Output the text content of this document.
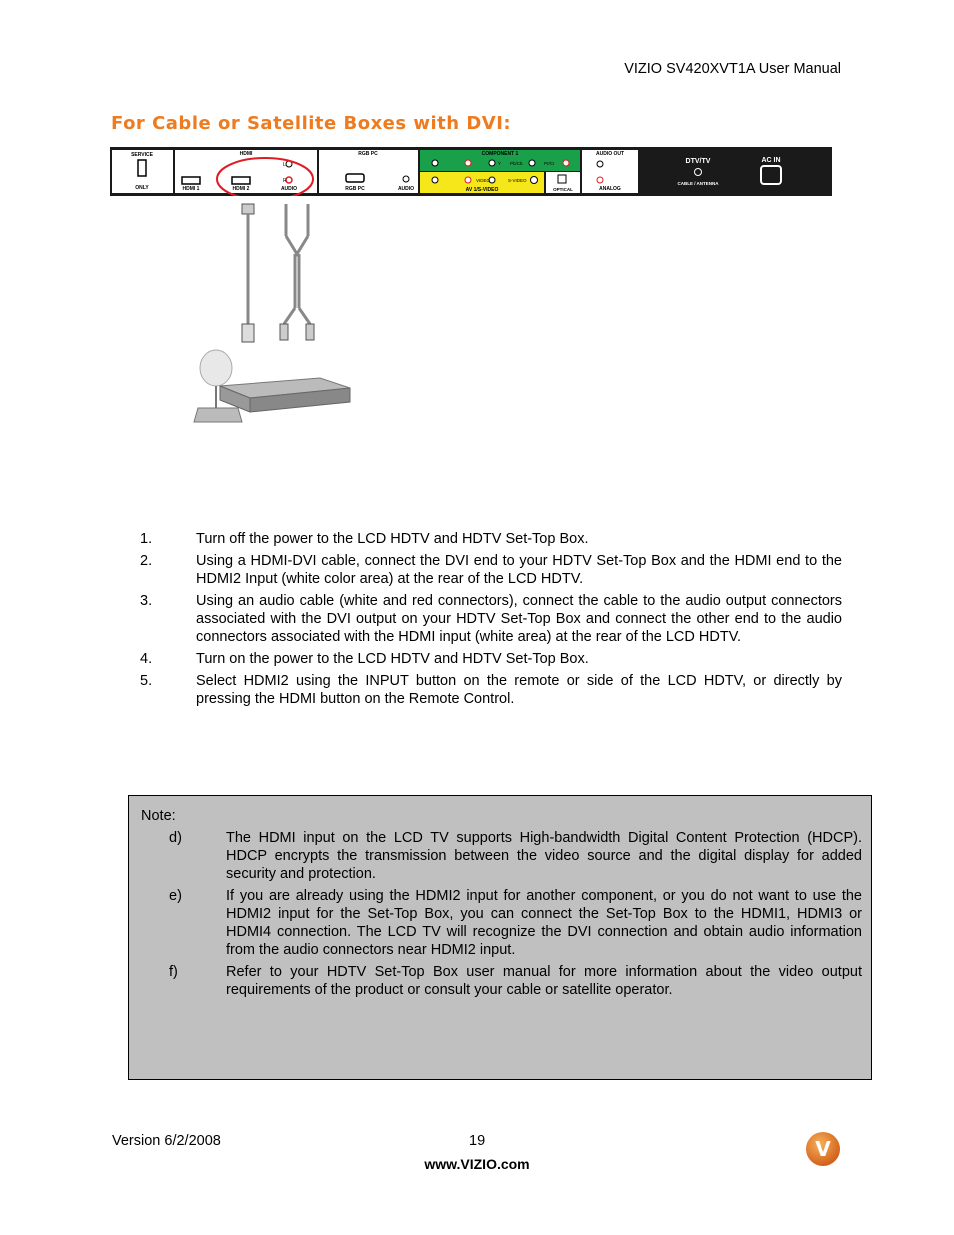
VIZIO SV420XVT1A User Manual
For Cable or Satellite Boxes with DVI:
SERVICE
ONLY
HDMI
HDMI 1	HDMI 2
L
R
AUDIO
RGB PC
RGB PC	AUDIO
COMPONENT 1
Y Pb/Cb	Pr/Cr
VIDEO	S-VIDEO
AV 1/S-VIDEO	OPTICAL
AUDIO OUT
ANALOG
DTV/TV
CABLE / ANTENNA
AC IN
1.	Turn off the power to the LCD HDTV and HDTV Set-Top Box.
2.	Using a HDMI-DVI cable, connect the DVI end to your HDTV Set-Top Box and the HDMI end to the HDMI2 Input (white color area) at the rear of the LCD HDTV.
3.	Using an audio cable (white and red connectors), connect the cable to the audio output connectors associated with the DVI output on your HDTV Set-Top Box and connect the other end to the audio connectors associated with the HDMI input (white area) at the rear of the LCD HDTV.
4.	Turn on the power to the LCD HDTV and HDTV Set-Top Box.
5.	Select HDMI2 using the INPUT button on the remote or side of the LCD HDTV, or directly by pressing the HDMI button on the Remote Control.
Note:
d)	The HDMI input on the LCD TV supports High-bandwidth Digital Content Protection (HDCP). HDCP encrypts the transmission between the video source and the digital display for added security and protection.
e)	If you are already using the HDMI2 input for another component, or you do not want to use the HDMI2 input for the Set-Top Box, you can connect the Set-Top Box to the HDMI1, HDMI3 or HDMI4 connection. The LCD TV will recognize the DVI connection and obtain audio information from the audio connectors near HDMI2 input.
f)	Refer to your HDTV Set-Top Box user manual for more information about the video output requirements of the product or consult your cable or satellite operator.
Version 6/2/2008	19
www.VIZIO.com
V
